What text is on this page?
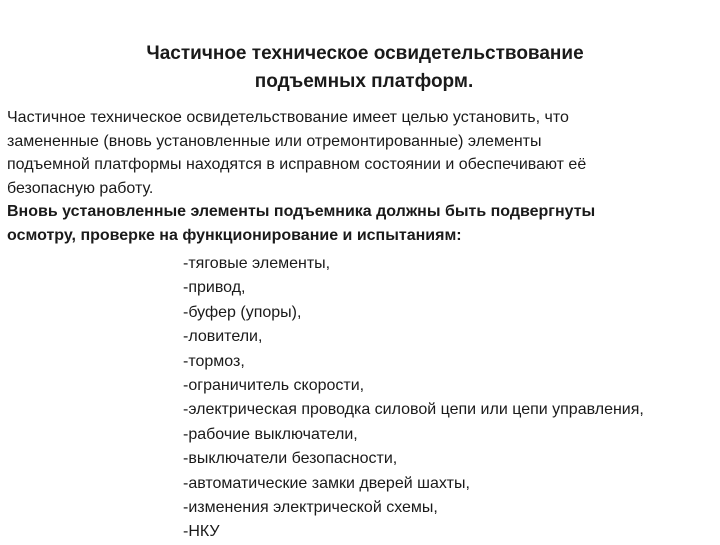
Частичное техническое освидетельствование
подъемных платформ.

Частичное техническое освидетельствование имеет целью установить, что
замененные (вновь установленные или отремонтированные) элементы
подъемной платформы находятся в исправном состоянии и обеспечивают её
безопасную работу.

Вновь установленные элементы подъемника должны быть подвергнуты
осмотру, проверке на функционирование и испытаниям:

-тяговые элементы,
-привод,
-буфер (упоры),
-ловители,
-тормоз,
-ограничитель скорости,
-электрическая проводка силовой цепи или цепи управления,
-рабочие выключатели,
-выключатели безопасности,
-автоматические замки дверей шахты,
-изменения электрической схемы,
-НКУ
